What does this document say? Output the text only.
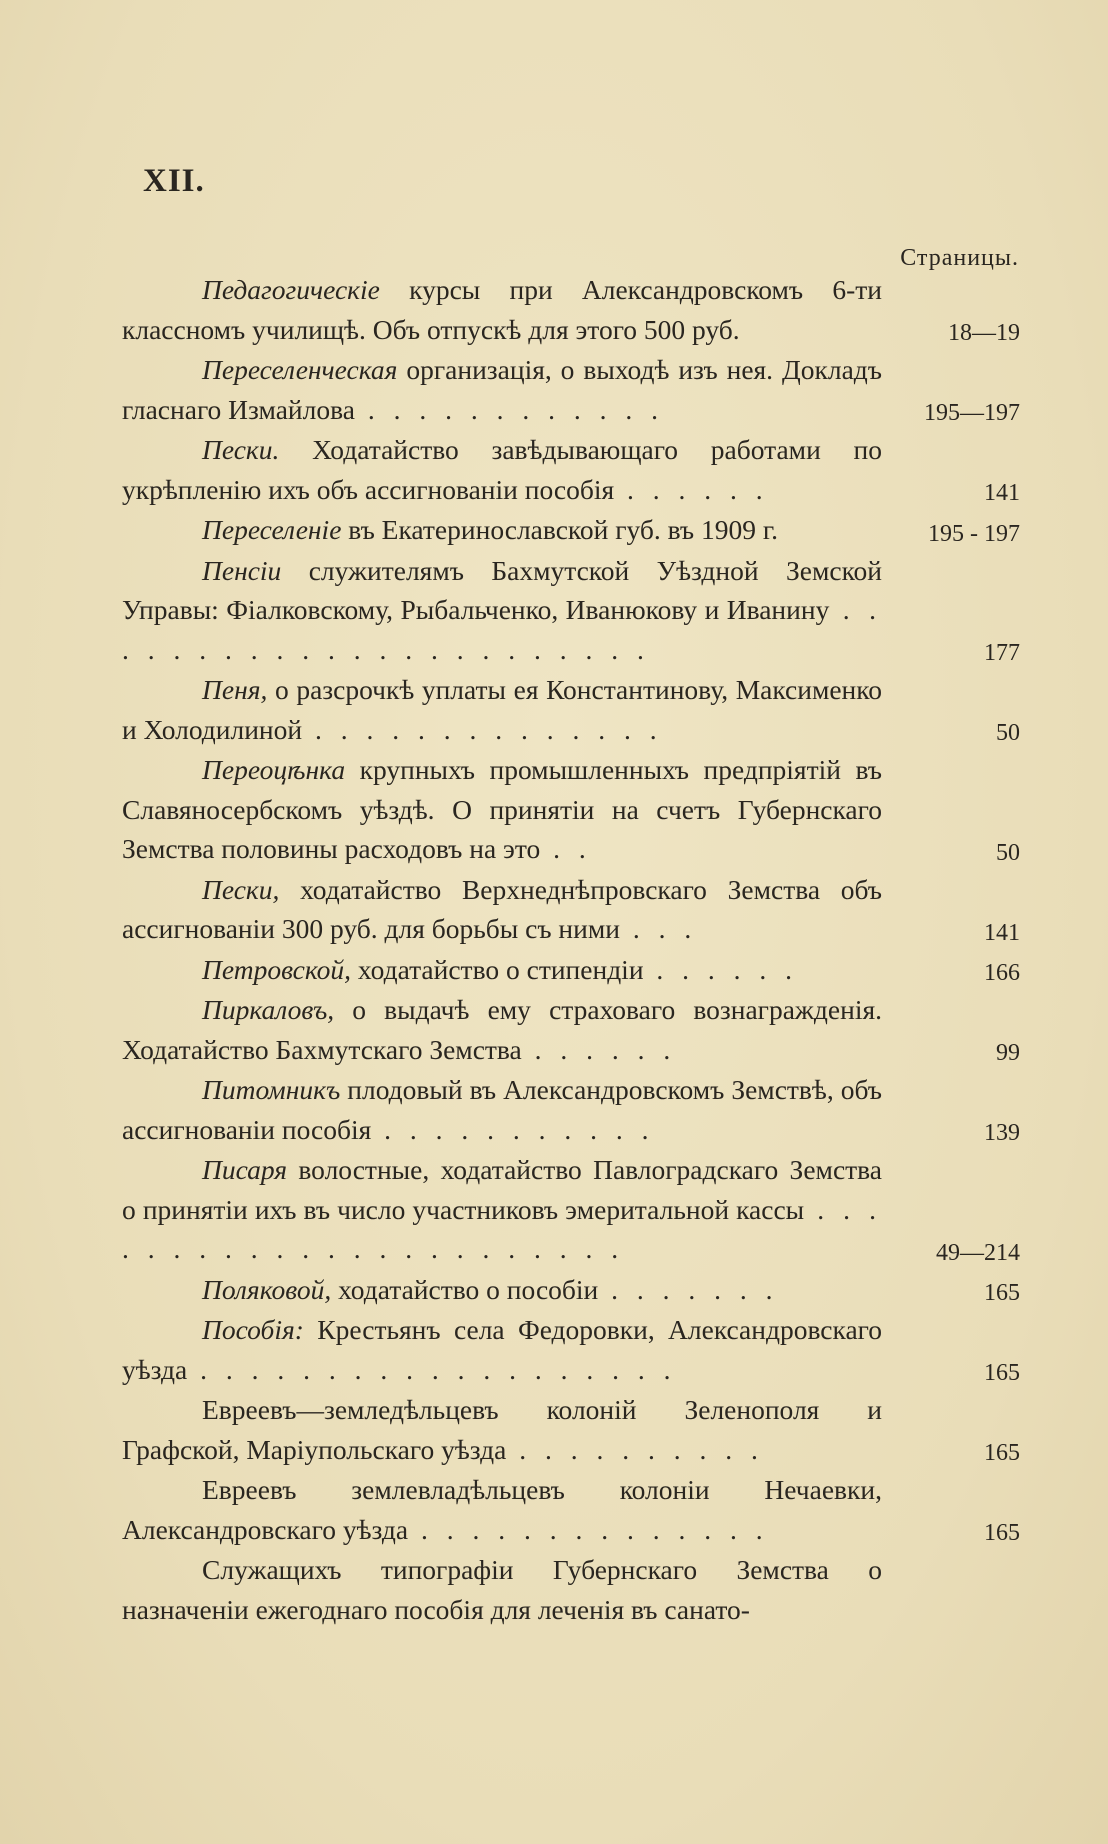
XII.
Страницы.
Педагогическіе курсы при Александровскомъ 6-ти классномъ училищѣ. Объ отпускѣ для этого 500 руб.	18—19
Переселенческая организація, о выходѣ изъ нея. Докладъ гласнаго Измайлова . . . . . . . . . . . .	195—197
Пески. Ходатайство завѣдывающаго работами по укрѣпленію ихъ объ ассигнованіи пособія . . . . . .	141
Переселеніе въ Екатеринославской губ. въ 1909 г.	195 - 197
Пенсіи служителямъ Бахмутской Уѣздной Земской Управы: Фіалковскому, Рыбальченко, Иванюкову и Иванину . . . . . . . . . . . . . . . . . . . . . . .	177
Пеня, о разсрочкѣ уплаты ея Константинову, Максименко и Холодилиной . . . . . . . . . . . . . .	50
Переоцѣнка крупныхъ промышленныхъ предпріятій въ Славяносербскомъ уѣздѣ. О принятіи на счетъ Губернскаго Земства половины расходовъ на это . .	50
Пески, ходатайство Верхнеднѣпровскаго Земства объ ассигнованіи 300 руб. для борьбы съ ними . . .	141
Петровской, ходатайство о стипендіи . . . . . .	166
Пиркаловъ, о выдачѣ ему страховаго вознагражденія. Ходатайство Бахмутскаго Земства . . . . . .	99
Питомникъ плодовый въ Александровскомъ Земствѣ, объ ассигнованіи пособія . . . . . . . . . . .	139
Писаря волостные, ходатайство Павлоградскаго Земства о принятіи ихъ въ число участниковъ эмеритальной кассы . . . . . . . . . . . . . . . . . . . . . . .	49—214
Поляковой, ходатайство о пособіи . . . . . . .	165
Пособія: Крестьянъ села Федоровки, Александровскаго уѣзда . . . . . . . . . . . . . . . . . . .	165
Евреевъ—земледѣльцевъ колоній Зеленополя и Графской, Маріупольскаго уѣзда . . . . . . . . . .	165
Евреевъ землевладѣльцевъ колоніи Нечаевки, Александровскаго уѣзда . . . . . . . . . . . . . .	165
Служащихъ типографіи Губернскаго Земства о назначеніи ежегоднаго пособія для леченія въ санато-
